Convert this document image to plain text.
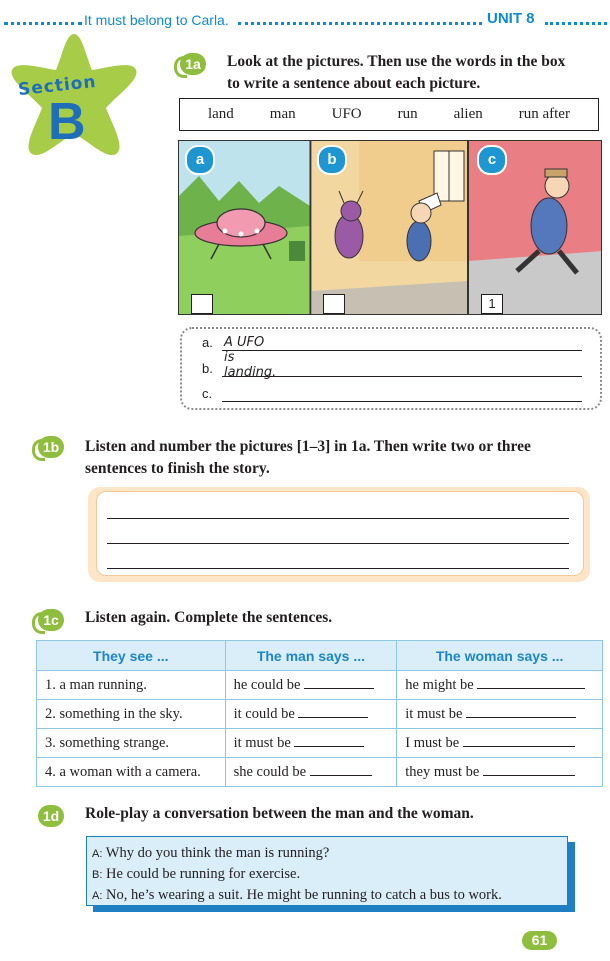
It must belong to Carla.	UNIT 8
Section
B
1a	Look at the pictures. Then use the words in the box
to write a sentence about each picture.
land man UFO run alien run after
a	b	c
1
a. A UFO is landing.
b.
c.
1b	Listen and number the pictures [1–3] in 1a. Then write two or three
sentences to finish the story.
1c	Listen again. Complete the sentences.
They see ...	The man says ...	The woman says ...
1. a man running.	he could be	he might be
2. something in the sky.	it could be	it must be
3. something strange.	it must be	I must be
4. a woman with a camera.	she could be	they must be
1d	Role-play a conversation between the man and the woman.
A: Why do you think the man is running?
B: He could be running for exercise.
A: No, he’s wearing a suit. He might be running to catch a bus to work.
61
